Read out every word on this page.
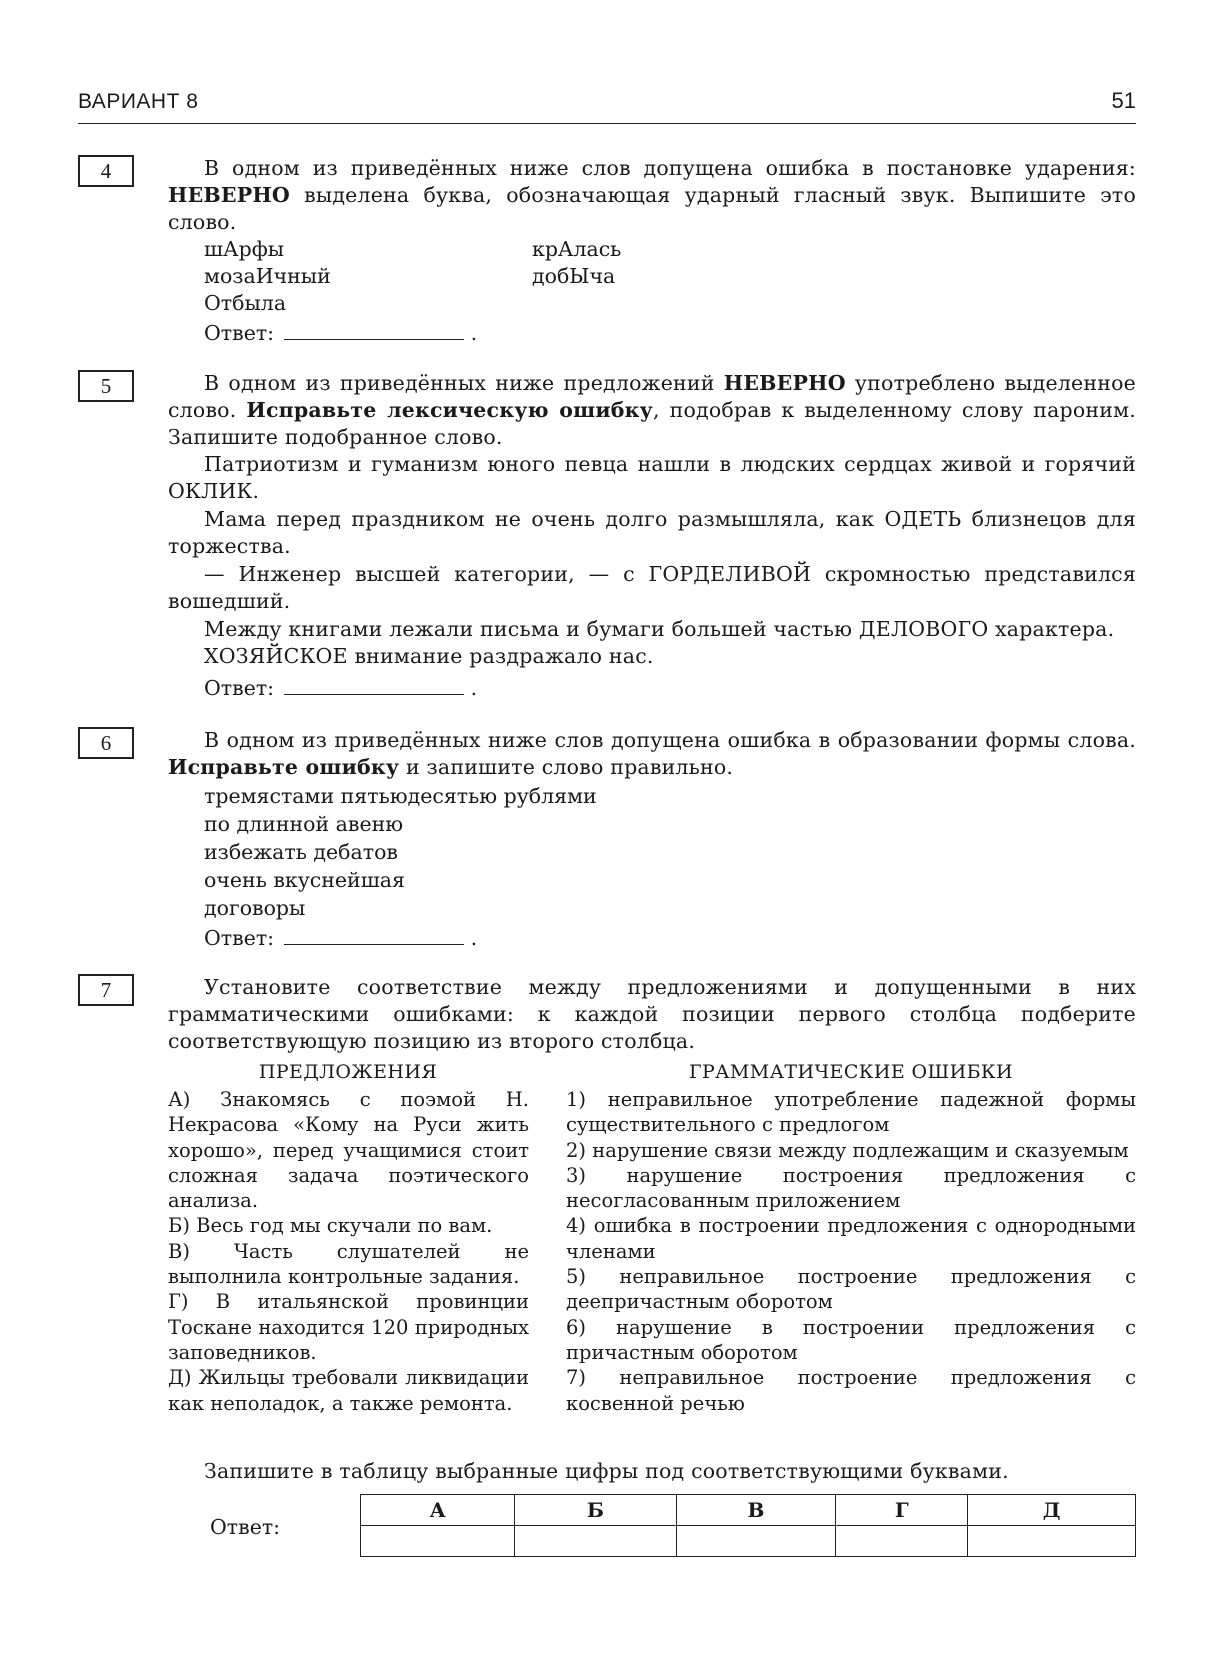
ВАРИАНТ 8	51
4	В одном из приведённых ниже слов допущена ошибка в постановке ударения: НЕВЕРНО выделена буква, обозначающая ударный гласный звук. Выпишите это слово.
шАрфы
мозаИчный
Отбыла
крАлась
добЫча
Ответ:	.
5	В одном из приведённых ниже предложений НЕВЕРНО употреблено выделенное слово. Исправьте лексическую ошибку, подобрав к выделенному слову пароним. Запишите подобранное слово.
Патриотизм и гуманизм юного певца нашли в людских сердцах живой и горячий ОКЛИК.
Мама перед праздником не очень долго размышляла, как ОДЕТЬ близнецов для торжества.
— Инженер высшей категории, — с ГОРДЕЛИВОЙ скромностью представился вошедший.
Между книгами лежали письма и бумаги большей частью ДЕЛОВОГО характера.
ХОЗЯЙСКОЕ внимание раздражало нас.
Ответ:	.
6	В одном из приведённых ниже слов допущена ошибка в образовании формы слова. Исправьте ошибку и запишите слово правильно.
тремястами пятьюдесятью рублями
по длинной авеню
избежать дебатов
очень вкуснейшая
договоры
Ответ:	.
7	Установите соответствие между предложениями и допущенными в них грамматическими ошибками: к каждой позиции первого столбца подберите соответствующую позицию из второго столбца.
ПРЕДЛОЖЕНИЯ	ГРАММАТИЧЕСКИЕ ОШИБКИ
А) Знакомясь с поэмой Н. Некрасова «Кому на Руси жить хорошо», перед учащимися стоит сложная задача поэтического анализа.
Б) Весь год мы скучали по вам.
В) Часть слушателей не выполнила контрольные задания.
Г) В итальянской провинции Тоскане находится 120 природных заповедников.
Д) Жильцы требовали ликвидации как неполадок, а также ремонта.
1) неправильное употребление падежной формы существительного с предлогом
2) нарушение связи между подлежащим и сказуемым
3) нарушение построения предложения с несогласованным приложением
4) ошибка в построении предложения с однородными членами
5) неправильное построение предложения с деепричастным оборотом
6) нарушение в построении предложения с причастным оборотом
7) неправильное построение предложения с косвенной речью
Запишите в таблицу выбранные цифры под соответствующими буквами.
Ответ:
А	Б	В	Г	Д
